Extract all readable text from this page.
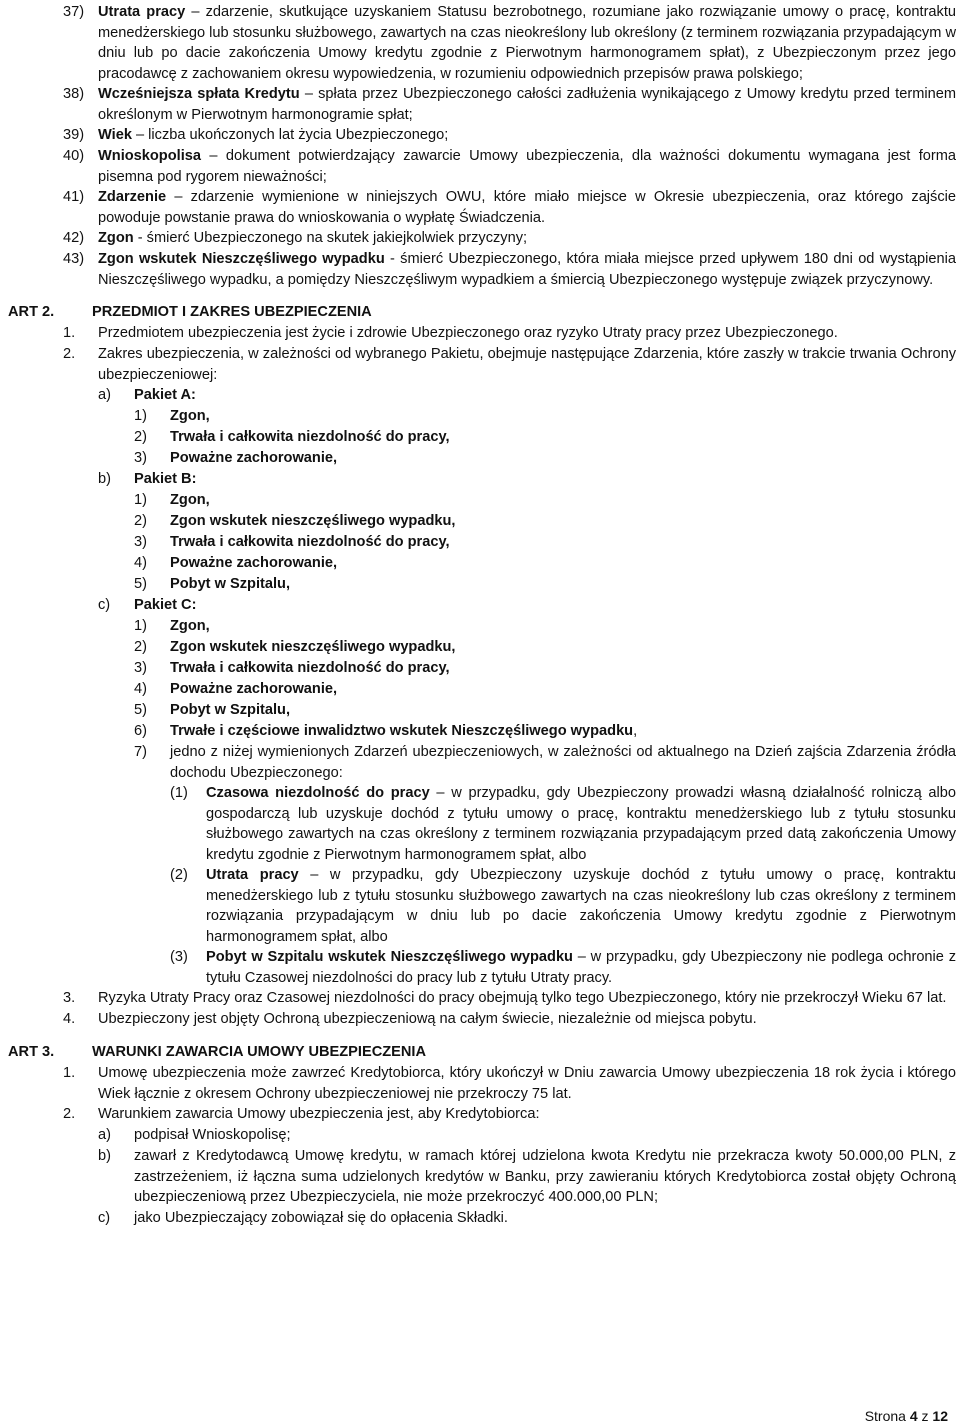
37) Utrata pracy – zdarzenie, skutkujące uzyskaniem Statusu bezrobotnego, rozumiane jako rozwiązanie umowy o pracę, kontraktu menedżerskiego lub stosunku służbowego, zawartych na czas nieokreślony lub określony (z terminem rozwiązania przypadającym w dniu lub po dacie zakończenia Umowy kredytu zgodnie z Pierwotnym harmonogramem spłat), z Ubezpieczonym przez jego pracodawcę z zachowaniem okresu wypowiedzenia, w rozumieniu odpowiednich przepisów prawa polskiego;
38) Wcześniejsza spłata Kredytu – spłata przez Ubezpieczonego całości zadłużenia wynikającego z Umowy kredytu przed terminem określonym w Pierwotnym harmonogramie spłat;
39) Wiek – liczba ukończonych lat życia Ubezpieczonego;
40) Wnioskopolisa – dokument potwierdzający zawarcie Umowy ubezpieczenia, dla ważności dokumentu wymagana jest forma pisemna pod rygorem nieważności;
41) Zdarzenie – zdarzenie wymienione w niniejszych OWU, które miało miejsce w Okresie ubezpieczenia, oraz którego zajście powoduje powstanie prawa do wnioskowania o wypłatę Świadczenia.
42) Zgon - śmierć Ubezpieczonego na skutek jakiejkolwiek przyczyny;
43) Zgon wskutek Nieszczęśliwego wypadku - śmierć Ubezpieczonego, która miała miejsce przed upływem 180 dni od wystąpienia Nieszczęśliwego wypadku, a pomiędzy Nieszczęśliwym wypadkiem a śmiercią Ubezpieczonego występuje związek przyczynowy.
ART 2.	PRZEDMIOT I ZAKRES UBEZPIECZENIA
1. Przedmiotem ubezpieczenia jest życie i zdrowie Ubezpieczonego oraz ryzyko Utraty pracy przez Ubezpieczonego.
2. Zakres ubezpieczenia, w zależności od wybranego Pakietu, obejmuje następujące Zdarzenia, które zaszły w trakcie trwania Ochrony ubezpieczeniowej:
a) Pakiet A:
1) Zgon,
2) Trwała i całkowita niezdolność do pracy,
3) Poważne zachorowanie,
b) Pakiet B:
1) Zgon,
2) Zgon wskutek nieszczęśliwego wypadku,
3) Trwała i całkowita niezdolność do pracy,
4) Poważne zachorowanie,
5) Pobyt w Szpitalu,
c) Pakiet C:
1) Zgon,
2) Zgon wskutek nieszczęśliwego wypadku,
3) Trwała i całkowita niezdolność do pracy,
4) Poważne zachorowanie,
5) Pobyt w Szpitalu,
6) Trwałe i częściowe inwalidztwo wskutek Nieszczęśliwego wypadku,
7) jedno z niżej wymienionych Zdarzeń ubezpieczeniowych, w zależności od aktualnego na Dzień zajścia Zdarzenia źródła dochodu Ubezpieczonego:
(1) Czasowa niezdolność do pracy – w przypadku, gdy Ubezpieczony prowadzi własną działalność rolniczą albo gospodarczą lub uzyskuje dochód z tytułu umowy o pracę, kontraktu menedżerskiego lub z tytułu stosunku służbowego zawartych na czas określony z terminem rozwiązania przypadającym przed datą zakończenia Umowy kredytu zgodnie z Pierwotnym harmonogramem spłat, albo
(2) Utrata pracy – w przypadku, gdy Ubezpieczony uzyskuje dochód z tytułu umowy o pracę, kontraktu menedżerskiego lub z tytułu stosunku służbowego zawartych na czas nieokreślony lub czas określony z terminem rozwiązania przypadającym w dniu lub po dacie zakończenia Umowy kredytu zgodnie z Pierwotnym harmonogramem spłat, albo
(3) Pobyt w Szpitalu wskutek Nieszczęśliwego wypadku – w przypadku, gdy Ubezpieczony nie podlega ochronie z tytułu Czasowej niezdolności do pracy lub z tytułu Utraty pracy.
3. Ryzyka Utraty Pracy oraz Czasowej niezdolności do pracy obejmują tylko tego Ubezpieczonego, który nie przekroczył Wieku 67 lat.
4. Ubezpieczony jest objęty Ochroną ubezpieczeniową na całym świecie, niezależnie od miejsca pobytu.
ART 3.	WARUNKI ZAWARCIA UMOWY UBEZPIECZENIA
1. Umowę ubezpieczenia może zawrzeć Kredytobiorca, który ukończył w Dniu zawarcia Umowy ubezpieczenia 18 rok życia i którego Wiek łącznie z okresem Ochrony ubezpieczeniowej nie przekroczy 75 lat.
2. Warunkiem zawarcia Umowy ubezpieczenia jest, aby Kredytobiorca:
a) podpisał Wnioskopolisę;
b) zawarł z Kredytodawcą Umowę kredytu, w ramach której udzielona kwota Kredytu nie przekracza kwoty 50.000,00 PLN, z zastrzeżeniem, iż łączna suma udzielonych kredytów w Banku, przy zawieraniu których Kredytobiorca został objęty Ochroną ubezpieczeniową przez Ubezpieczyciela, nie może przekroczyć 400.000,00 PLN;
c) jako Ubezpieczający zobowiązał się do opłacenia Składki.
Strona 4 z 12
